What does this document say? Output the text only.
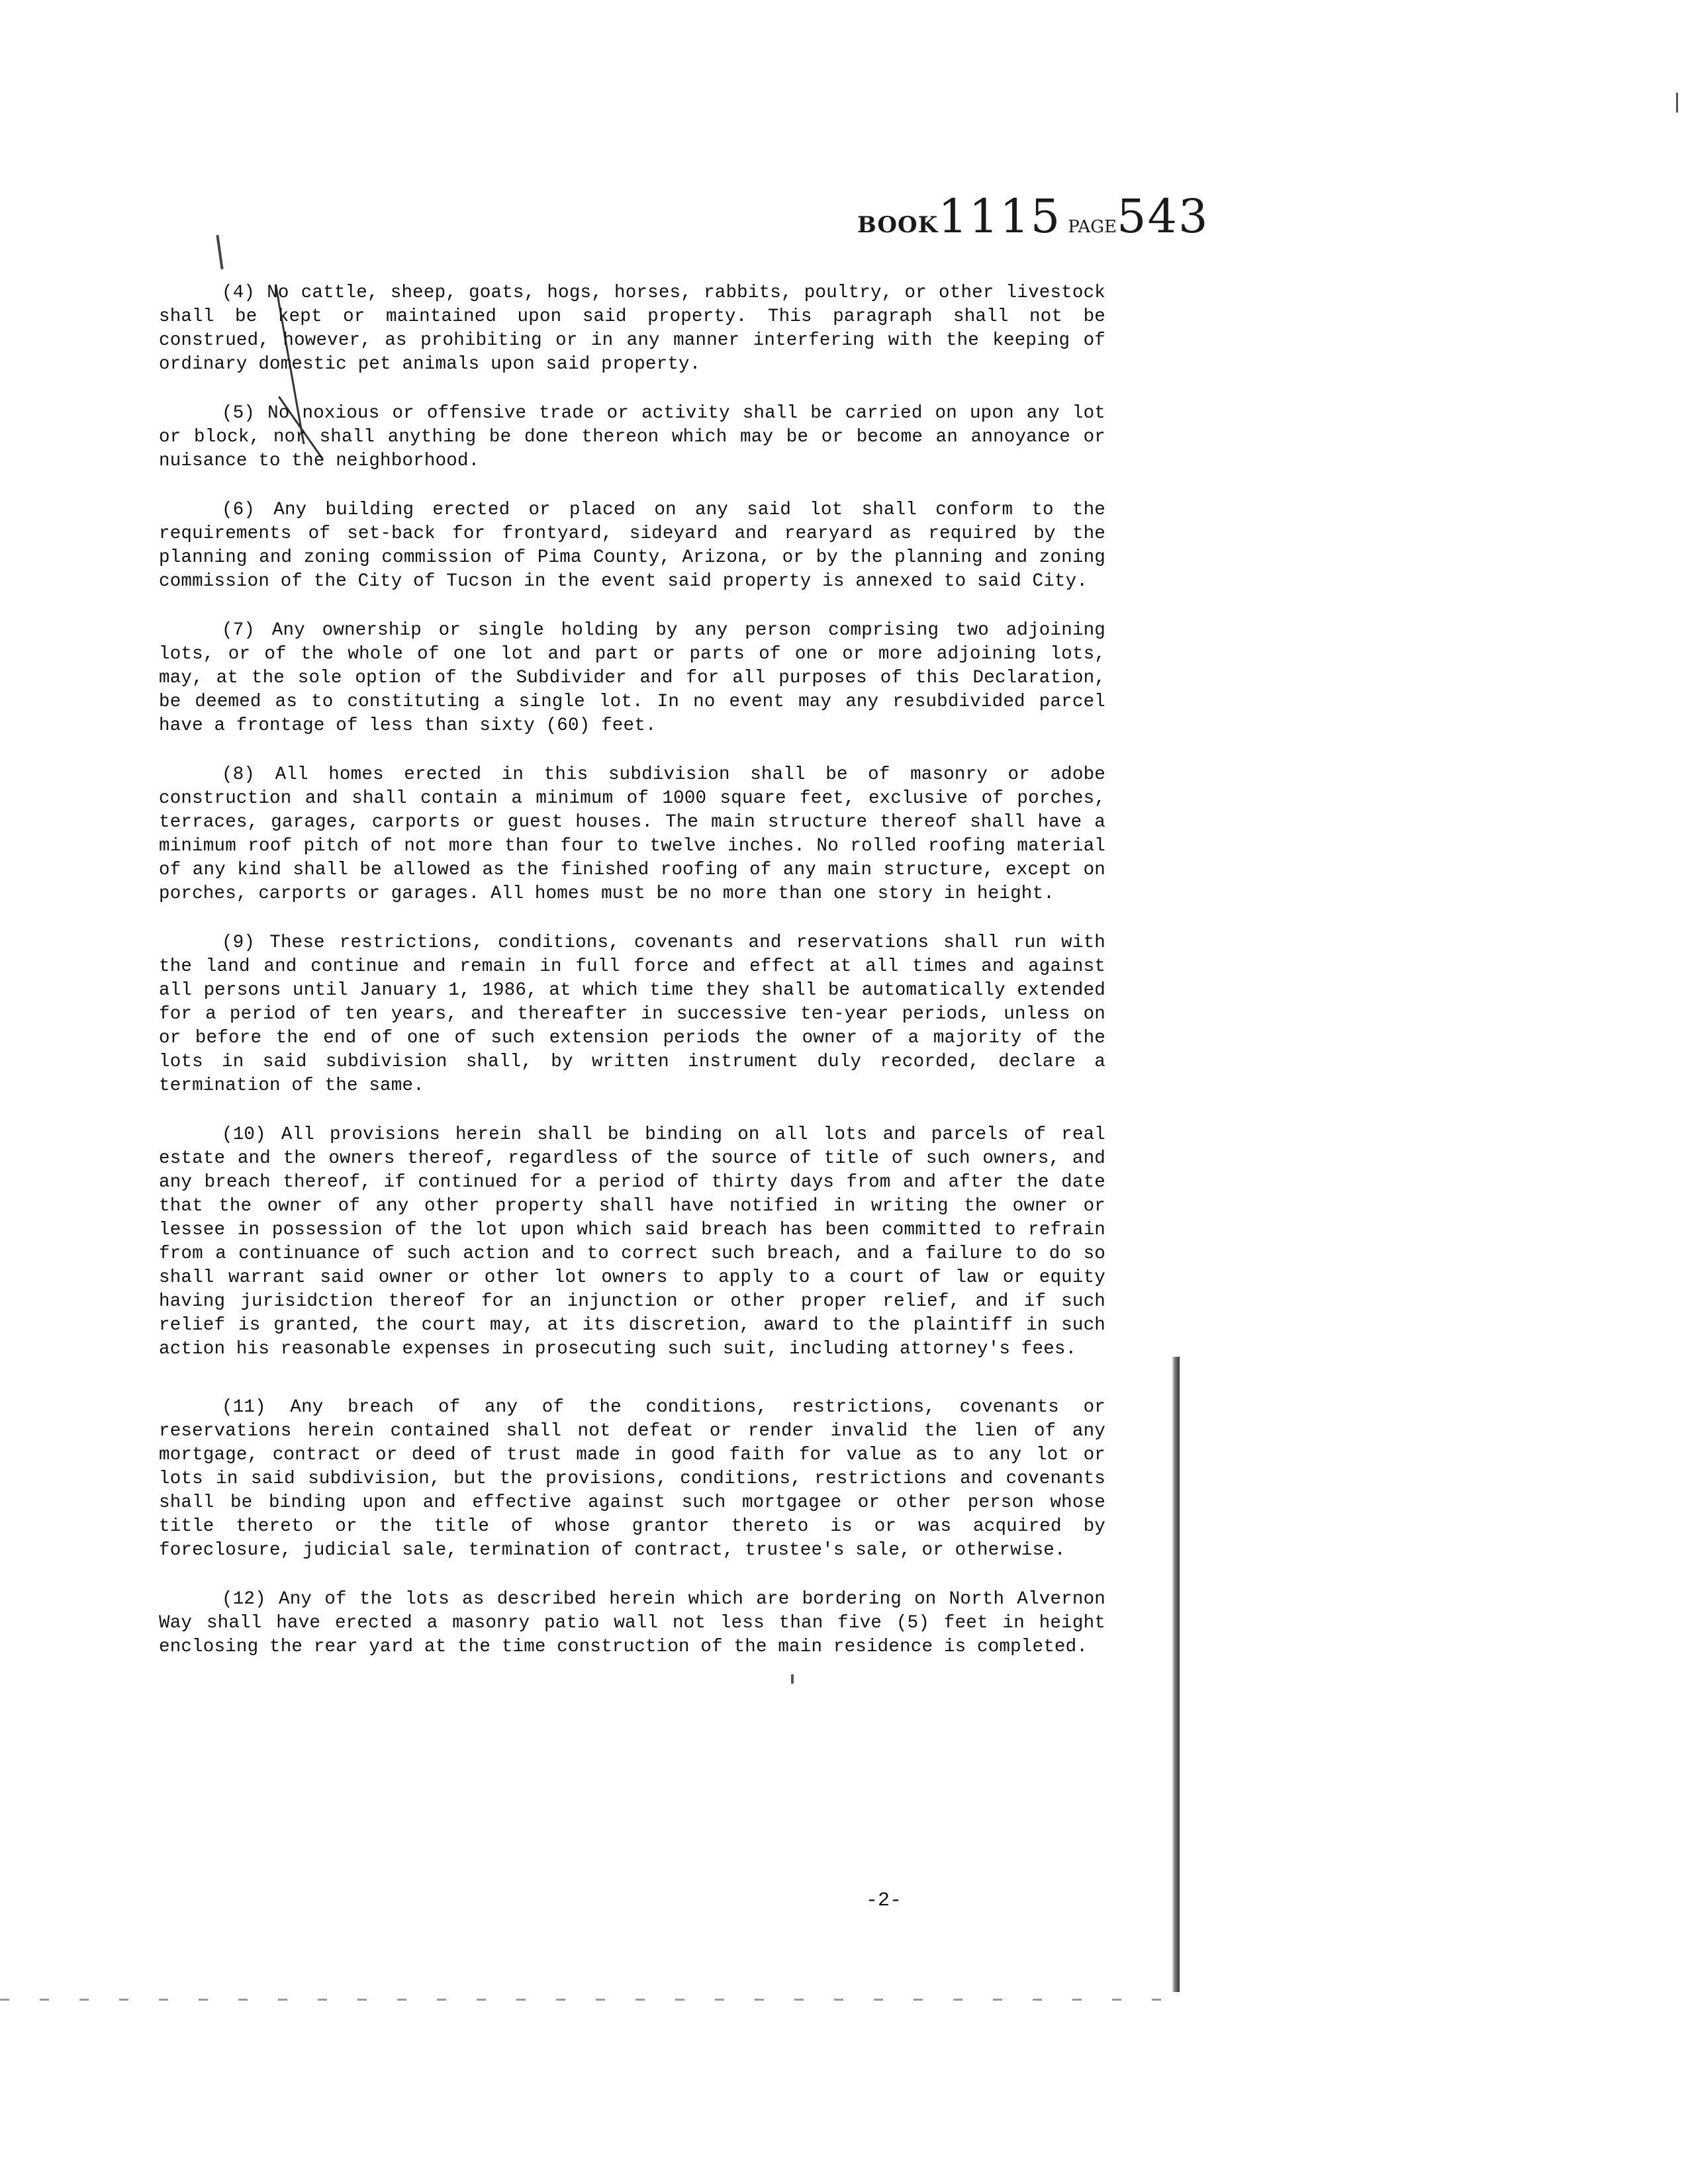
BOOK1115 PAGE543

(4) No cattle, sheep, goats, hogs, horses, rabbits, poultry, or other livestock shall be kept or maintained upon said property. This paragraph shall not be construed, however, as prohibiting or in any manner interfering with the keeping of ordinary domestic pet animals upon said property.

(5) No noxious or offensive trade or activity shall be carried on upon any lot or block, nor shall anything be done thereon which may be or become an annoyance or nuisance to the neighborhood.

(6) Any building erected or placed on any said lot shall conform to the requirements of set-back for frontyard, sideyard and rearyard as required by the planning and zoning commission of Pima County, Arizona, or by the planning and zoning commission of the City of Tucson in the event said property is annexed to said City.

(7) Any ownership or single holding by any person comprising two adjoining lots, or of the whole of one lot and part or parts of one or more adjoining lots, may, at the sole option of the Subdivider and for all purposes of this Declaration, be deemed as to constituting a single lot. In no event may any resubdivided parcel have a frontage of less than sixty (60) feet.

(8) All homes erected in this subdivision shall be of masonry or adobe construction and shall contain a minimum of 1000 square feet, exclusive of porches, terraces, garages, carports or guest houses. The main structure thereof shall have a minimum roof pitch of not more than four to twelve inches. No rolled roofing material of any kind shall be allowed as the finished roofing of any main structure, except on porches, carports or garages. All homes must be no more than one story in height.

(9) These restrictions, conditions, covenants and reservations shall run with the land and continue and remain in full force and effect at all times and against all persons until January 1, 1986, at which time they shall be automatically extended for a period of ten years, and thereafter in successive ten-year periods, unless on or before the end of one of such extension periods the owner of a majority of the lots in said subdivision shall, by written instrument duly recorded, declare a termination of the same.

(10) All provisions herein shall be binding on all lots and parcels of real estate and the owners thereof, regardless of the source of title of such owners, and any breach thereof, if continued for a period of thirty days from and after the date that the owner of any other property shall have notified in writing the owner or lessee in possession of the lot upon which said breach has been committed to refrain from a continuance of such action and to correct such breach, and a failure to do so shall warrant said owner or other lot owners to apply to a court of law or equity having jurisidction thereof for an injunction or other proper relief, and if such relief is granted, the court may, at its discretion, award to the plaintiff in such action his reasonable expenses in prosecuting such suit, including attorney's fees.

(11) Any breach of any of the conditions, restrictions, covenants or reservations herein contained shall not defeat or render invalid the lien of any mortgage, contract or deed of trust made in good faith for value as to any lot or lots in said subdivision, but the provisions, conditions, restrictions and covenants shall be binding upon and effective against such mortgagee or other person whose title thereto or the title of whose grantor thereto is or was acquired by foreclosure, judicial sale, termination of contract, trustee's sale, or otherwise.

(12) Any of the lots as described herein which are bordering on North Alvernon Way shall have erected a masonry patio wall not less than five (5) feet in height enclosing the rear yard at the time construction of the main residence is completed.

-2-
